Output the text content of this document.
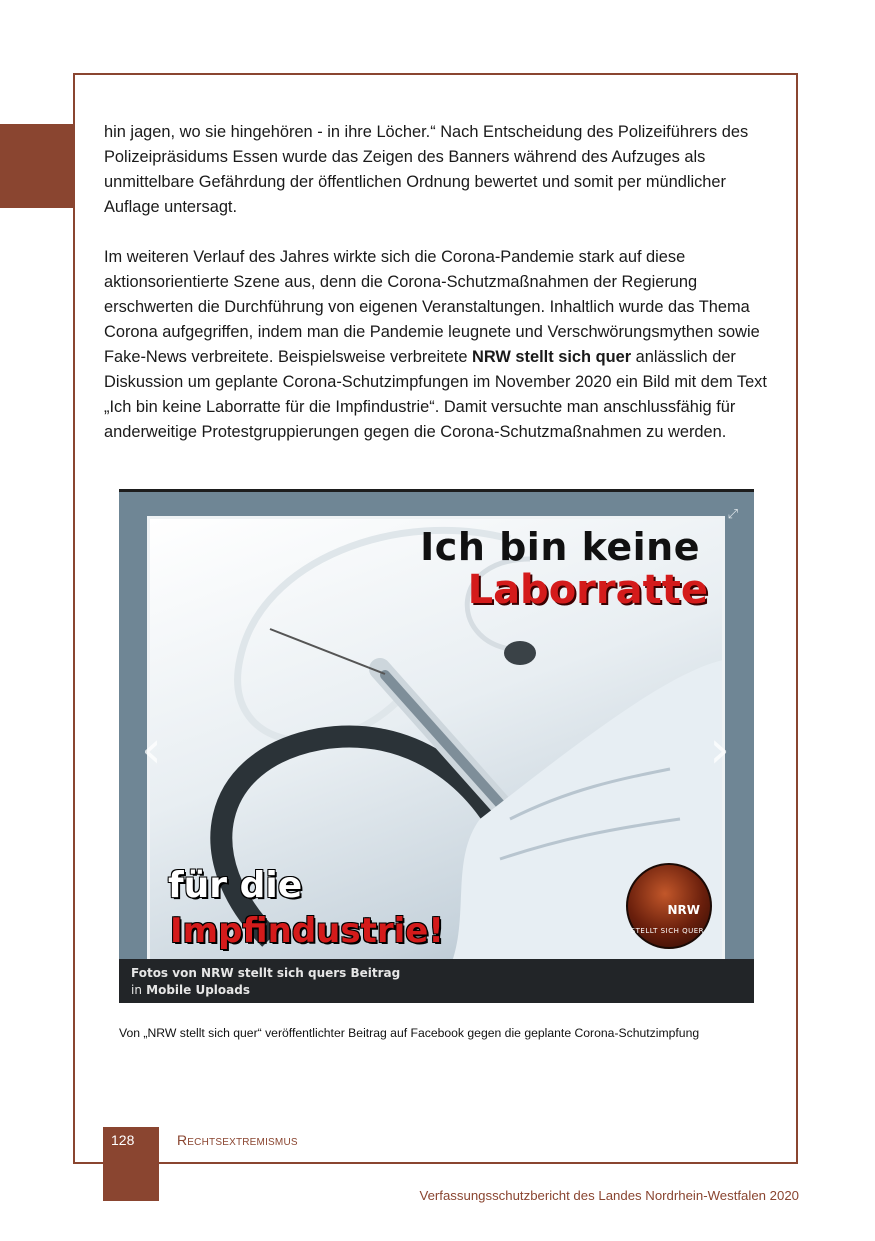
hin jagen, wo sie hingehören - in ihre Löcher.“ Nach Entscheidung des Polizeiführers des Polizeipräsidums Essen wurde das Zeigen des Banners während des Aufzuges als unmittelbare Gefährdung der öffentlichen Ordnung bewertet und somit per mündlicher Auflage untersagt.

Im weiteren Verlauf des Jahres wirkte sich die Corona-Pandemie stark auf diese aktionsorientierte Szene aus, denn die Corona-Schutzmaßnahmen der Regierung erschwerten die Durchführung von eigenen Veranstaltungen. Inhaltlich wurde das Thema Corona aufgegriffen, indem man die Pandemie leugnete und Verschwörungsmythen sowie Fake-News verbreitete. Beispielsweise verbreitete NRW stellt sich quer anlässlich der Diskussion um geplante Corona-Schutzimpfungen im November 2020 ein Bild mit dem Text „Ich bin keine Laborratte für die Impfindustrie“. Damit versuchte man anschlussfähig für anderweitige Protestgruppierungen gegen die Corona-Schutzmaßnahmen zu werden.

Ich bin keine
Laborratte
für die
Impfindustrie!
NRW
STELLT SICH QUER
‹	›
⤢
Fotos von NRW stellt sich quers Beitrag
in Mobile Uploads
Von „NRW stellt sich quer“ veröffentlichter Beitrag auf Facebook gegen die geplante Corona-Schutzimpfung
128	Rechtsextremismus
Verfassungsschutzbericht des Landes Nordrhein-Westfalen 2020
